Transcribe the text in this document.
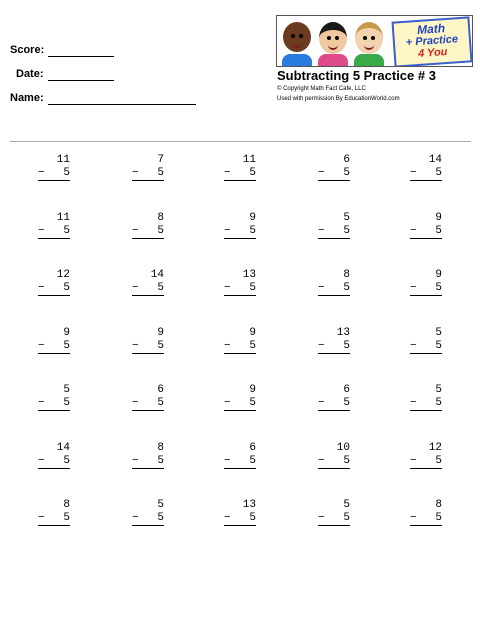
Score:
Date:
Name:
Math
+ Practice
4 You
Subtracting 5 Practice # 3
© Copyright Math Fact Cafe, LLC
Used with permission By EducationWorld.com
11
− 5
7
− 5
11
− 5
6
− 5
14
− 5
11
− 5
8
− 5
9
− 5
5
− 5
9
− 5
12
− 5
14
− 5
13
− 5
8
− 5
9
− 5
9
− 5
9
− 5
9
− 5
13
− 5
5
− 5
5
− 5
6
− 5
9
− 5
6
− 5
5
− 5
14
− 5
8
− 5
6
− 5
10
− 5
12
− 5
8
− 5
5
− 5
13
− 5
5
− 5
8
− 5
